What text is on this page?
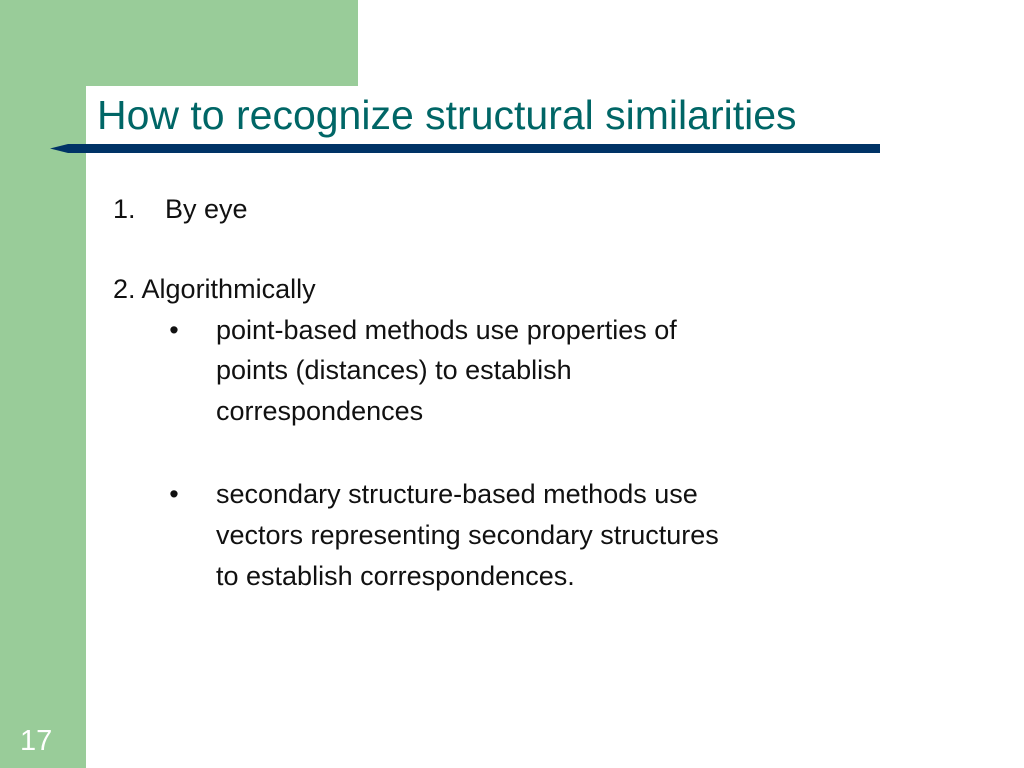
How to recognize structural similarities
1. By eye
2. Algorithmically
• point-based methods use properties of
points (distances) to establish
correspondences
• secondary structure-based methods use
vectors representing secondary structures
to establish correspondences.
17
